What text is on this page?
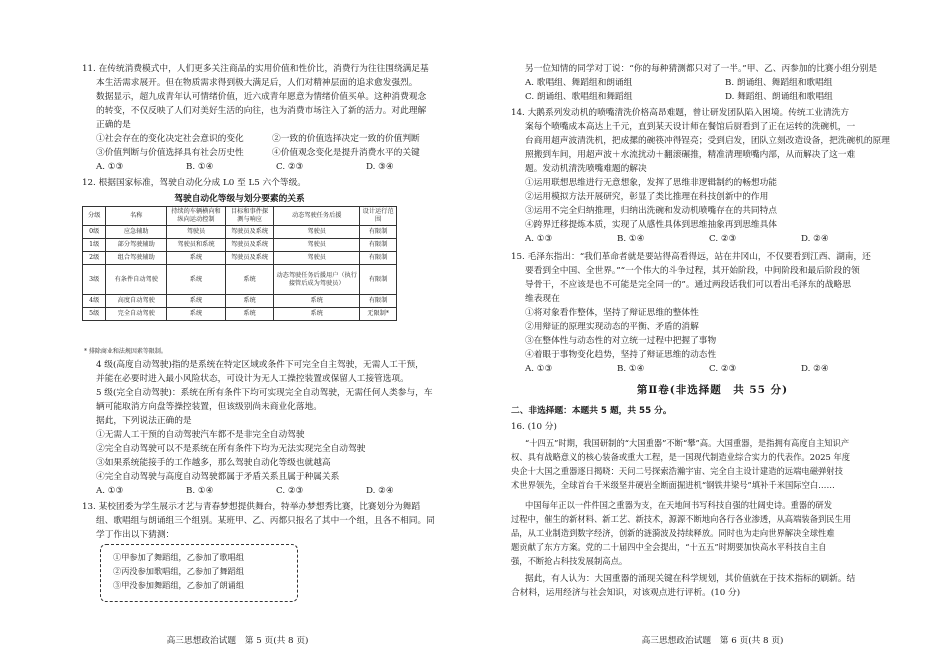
11. 在传统消费模式中，人们更多关注商品的实用价值和性价比，消费行为往往围绕满足基
本生活需求展开。但在物质需求得到极大满足后，人们对精神层面的追求愈发强烈。
数据显示，超九成青年认可情绪价值，近六成青年愿意为情绪价值买单。这种消费观念
的转变，不仅反映了人们对美好生活的向往，也为消费市场注入了新的活力。对此理解
正确的是
①社会存在的变化决定社会意识的变化	②一致的价值选择决定一致的价值判断
③价值判断与价值选择具有社会历史性	④价值观念变化是提升消费水平的关键
A. ①③	B. ①④	C. ②③	D. ③④
12. 根据国家标准，驾驶自动化分成 L0 至 L5 六个等级。
驾驶自动化等级与划分要素的关系
分级	名称	持续的车辆横向和纵向运动控制	目标和事件探测与响应	动态驾驶任务后援	设计运行范围
0级	应急辅助	驾驶员	驾驶员及系统	驾驶员	有限制
1级	部分驾驶辅助	驾驶员和系统	驾驶员及系统	驾驶员	有限制
2级	组合驾驶辅助	系统	驾驶员及系统	驾驶员	有限制
3级	有条件自动驾驶	系统	系统	动态驾驶任务后援用户（执行接管后成为驾驶员）	有限制
4级	高度自动驾驶	系统	系统	系统	有限制
5级	完全自动驾驶	系统	系统	系统	无限制*
* 排除商业和法规因素等限制。
4 级(高度自动驾驶)指的是系统在特定区域或条件下可完全自主驾驶，无需人工干预，
并能在必要时进入最小风险状态，可设计为无人工操控装置或保留人工接管选项。
5 级(完全自动驾驶)：系统在所有条件下均可实现完全自动驾驶，无需任何人类参与，车
辆可能取消方向盘等操控装置，但该级别尚未商业化落地。
据此，下列说法正确的是
①无需人工干预的自动驾驶汽车都不是非完全自动驾驶
②完全自动驾驶可以不是系统在所有条件下均为无法实现完全自动驾驶
③如果系统能接手的工作越多，那么驾驶自动化等级也就越高
④完全自动驾驶与高度自动驾驶都属于矛盾关系且属于种属关系
A. ①③	B. ①④	C. ②③	D. ②④
13. 某校团委为学生展示才艺与青春梦想提供舞台，特举办梦想秀比赛，比赛划分为舞蹈
组、歌唱组与朗诵组三个组别。某班甲、乙、丙都只报名了其中一个组，且各不相同。同
学丁作出以下猜测：
①甲参加了舞蹈组，乙参加了歌唱组
②丙没参加歌唱组，乙参加了舞蹈组
③甲没参加舞蹈组，乙参加了朗诵组
高三思想政治试题　第 5 页(共 8 页)
另一位知情的同学对丁说：“你的每种猜测都只对了一半。”甲、乙、丙参加的比赛小组分别是
A. 歌唱组、舞蹈组和朗诵组	B. 朗诵组、舞蹈组和歌唱组
C. 朗诵组、歌唱组和舞蹈组	D. 舞蹈组、朗诵组和歌唱组
14. 大鹅系列发动机的喷嘴清洗价格高昂难题，曾让研发团队陷入困境。传统工业清洗方
案每个喷嘴成本高达上千元，直到某天设计师在餐馆后厨看到了正在运转的洗碗机，一
台商用超声波清洗机，把成摞的碗筷冲得锃亮；受到启发，团队立刻改造设备，把洗碗机的原理
照搬到车间，用超声波＋水流扰动＋翻滚碾推，精准清理喷嘴内部，从而解决了这一难
题。发动机清洗喷嘴难题的解决
①运用联想思维进行无意想象，发挥了思维非逻辑制约的畅想功能
②运用模拟方法开展研究，彰显了类比推理在科技创新中的作用
③运用不完全归纳推理，归纳出洗碗和发动机喷嘴存在的共同特点
④跨界迁移提炼本质，实现了从感性具体到思维抽象再到思维具体
A. ①③	B. ①④	C. ②③	D. ②④
15. 毛泽东指出：“我们革命者就是要站得高看得远，站在井冈山，不仅要看到江西、湖南，还
要看到全中国、全世界。”“一个伟大的斗争过程，其开始阶段，中间阶段和最后阶段的领
导骨干，不应该是也不可能是完全同一的”。通过两段话我们可以看出毛泽东的战略思
维表现在
①将对象看作整体，坚持了辩证思维的整体性
②用辩证的原理实现动态的平衡、矛盾的消解
③在整体性与动态性的对立统一过程中把握了事物
④着眼于事物变化趋势，坚持了辩证思维的动态性
A. ①③	B. ①④	C. ②③	D. ②④
第Ⅱ卷(非选择题　共 55 分)
二、非选择题：本题共 5 题，共 55 分。
16. (10 分)
“十四五”时期，我国研制的“大国重器”不断“攀”高。大国重器，是指拥有高度自主知识产
权、具有战略意义的核心装备或重大工程，是一国现代制造业综合实力的代表作。2025 年度
央企十大国之重器逐日揭晓：天问二号探索浩瀚宇宙、完全自主设计建造的远端电磁弹射技
术世界领先，全球首台千米级坚井硬岩全断面掘进机“钢铁井梁号”填补千米国际空白……
中国每年正以一件件国之重器为支，在天地间书写科技自强的壮阔史诗。重器的研发
过程中，催生的新材料、新工艺、新技术，源源不断地向各行各业渗透，从高端装备到民生用
品，从工业制造到数字经济，创新的涟漪波及持续释放。同时也为走向世界解决全球性难
题贡献了东方方案。党的二十届四中全会提出，“十五五”时期要加快高水平科技自主自
强，不断抢占科技发展制高点。
据此，有人认为：大国重器的涌现关键在科学规划，其价值就在于技术指标的刷新。结
合材料，运用经济与社会知识，对该观点进行评析。(10 分)
高三思想政治试题　第 6 页(共 8 页)
